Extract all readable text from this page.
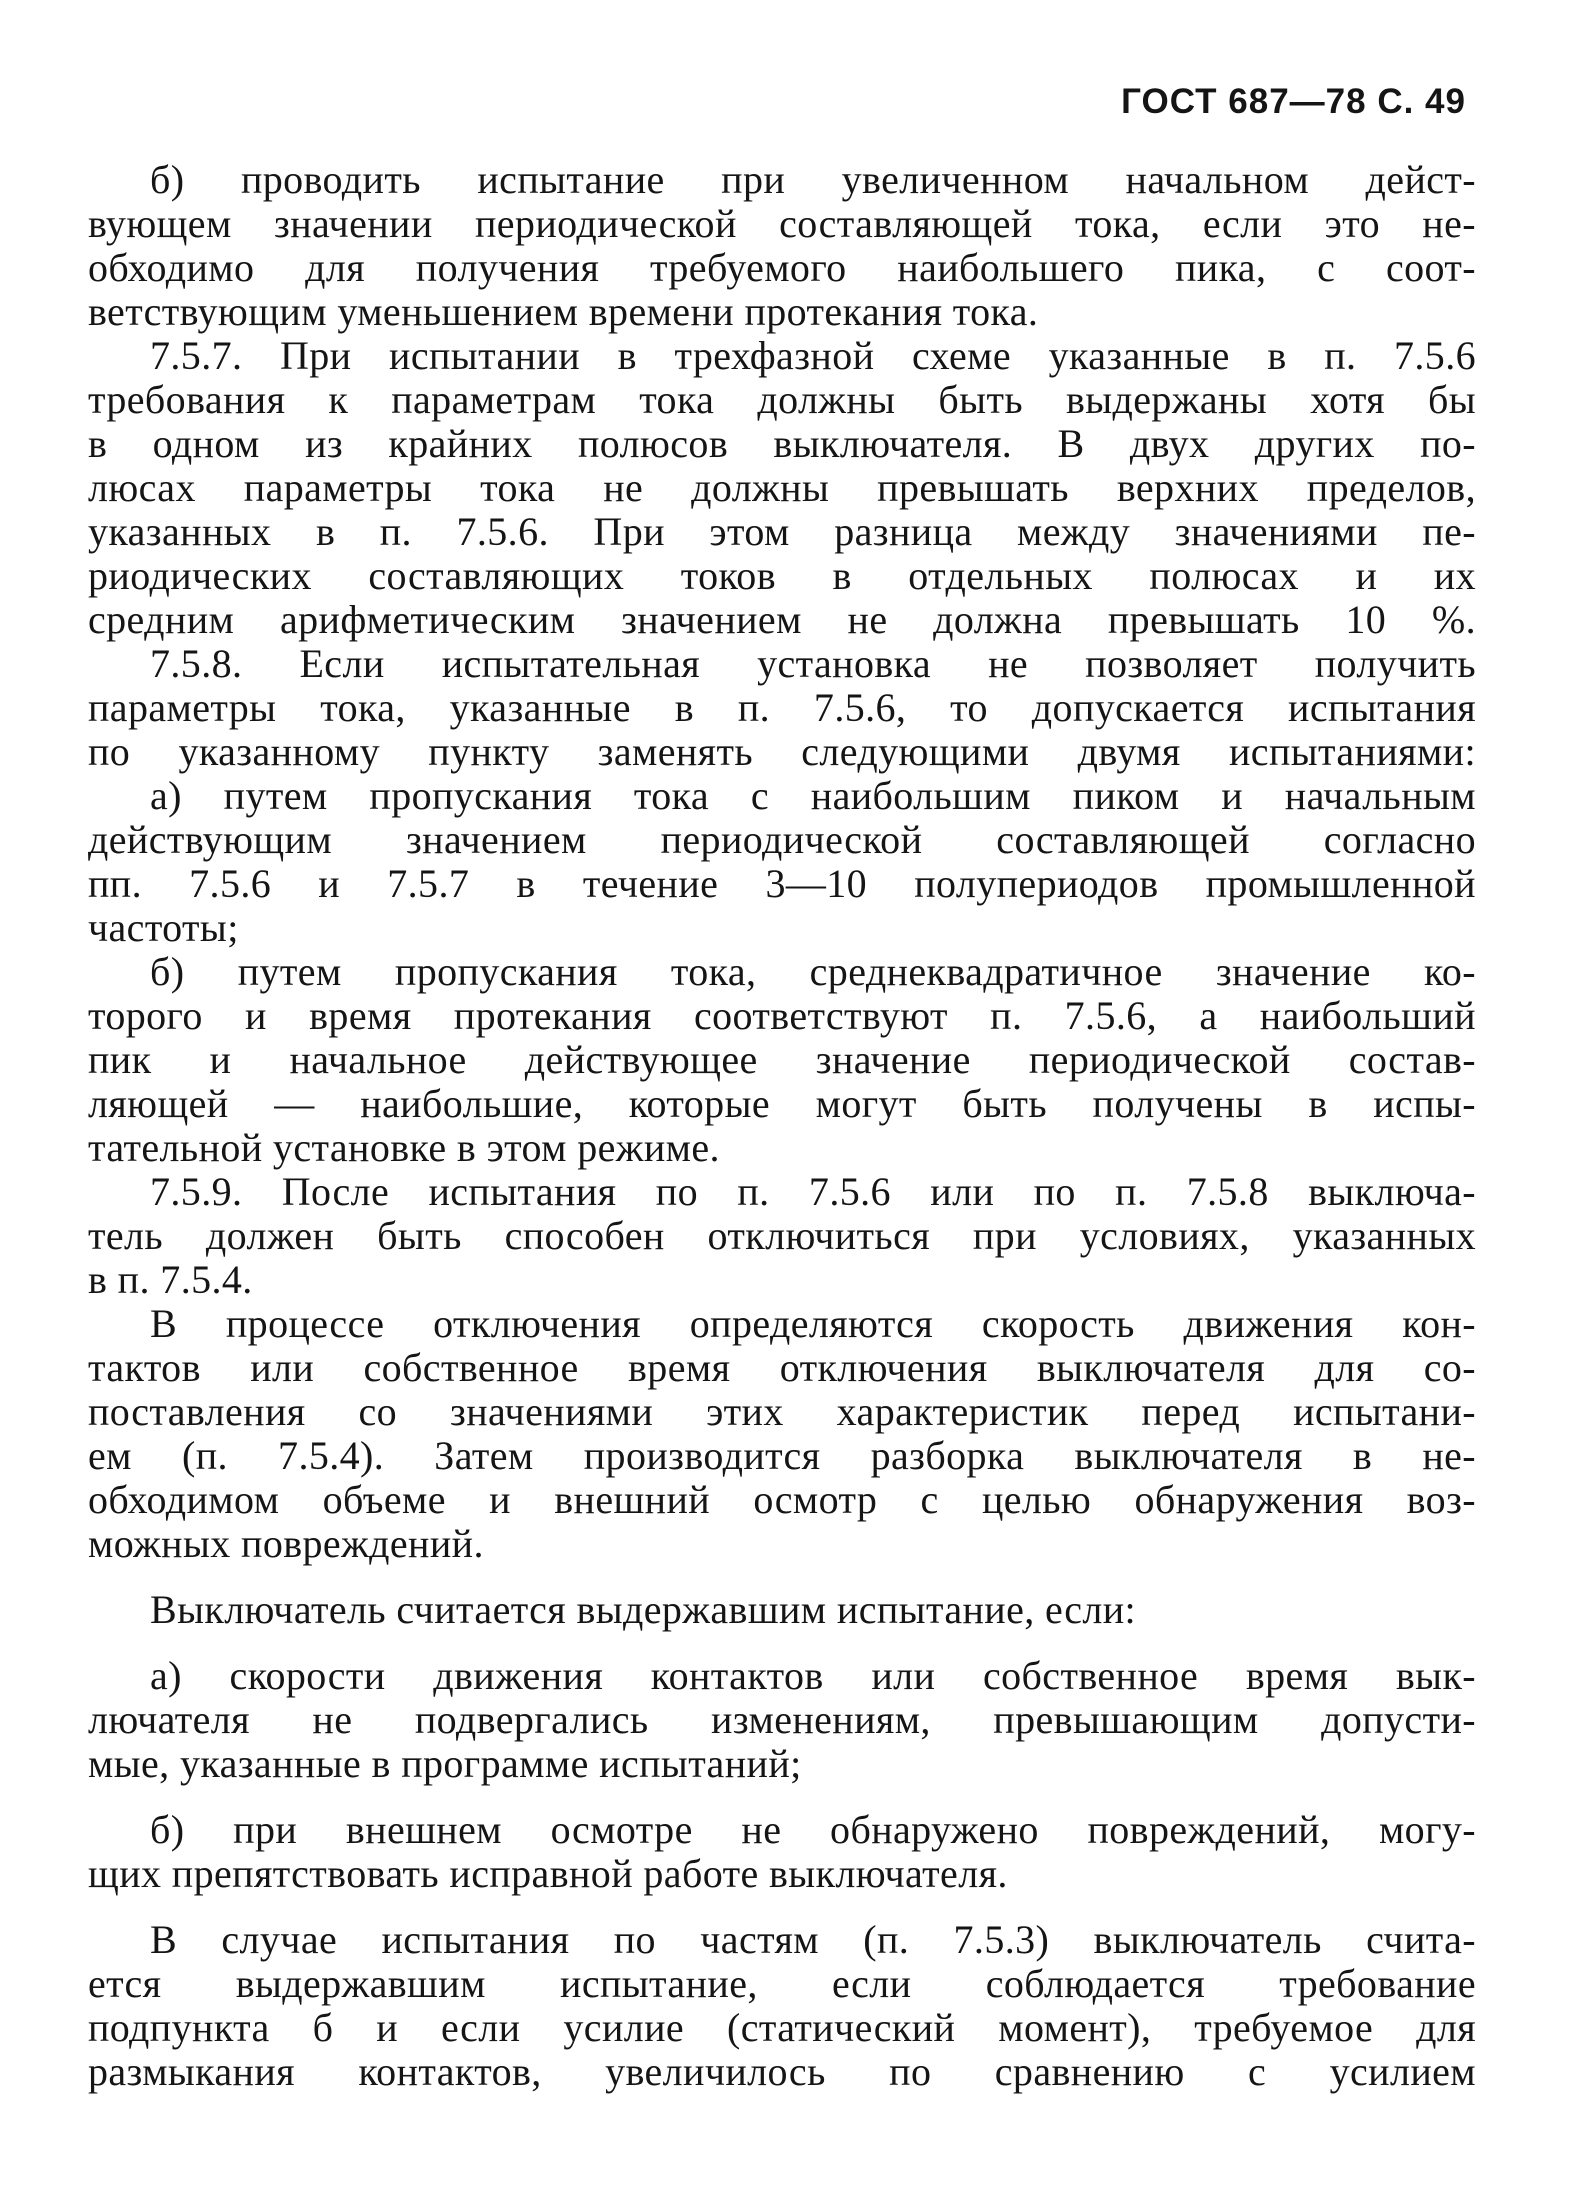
ГОСТ 687—78 С. 49
б) проводить испытание при увеличенном начальном дейст-
вующем значении периодической составляющей тока, если это не-
обходимо для получения требуемого наибольшего пика, с соот-
ветствующим уменьшением времени протекания тока.
7.5.7. При испытании в трехфазной схеме указанные в п. 7.5.6
требования к параметрам тока должны быть выдержаны хотя бы
в одном из крайних полюсов выключателя. В двух других по-
люсах параметры тока не должны превышать верхних пределов,
указанных в п. 7.5.6. При этом разница между значениями пе-
риодических составляющих токов в отдельных полюсах и их
средним арифметическим значением не должна превышать 10 %.
7.5.8. Если испытательная установка не позволяет получить
параметры тока, указанные в п. 7.5.6, то допускается испытания
по указанному пункту заменять следующими двумя испытаниями:
а) путем пропускания тока с наибольшим пиком и начальным
действующим значением периодической составляющей согласно
пп. 7.5.6 и 7.5.7 в течение 3—10 полупериодов промышленной
частоты;
б) путем пропускания тока, среднеквадратичное значение ко-
торого и время протекания соответствуют п. 7.5.6, а наибольший
пик и начальное действующее значение периодической состав-
ляющей — наибольшие, которые могут быть получены в испы-
тательной установке в этом режиме.
7.5.9. После испытания по п. 7.5.6 или по п. 7.5.8 выключа-
тель должен быть способен отключиться при условиях, указанных
в п. 7.5.4.
В процессе отключения определяются скорость движения кон-
тактов или собственное время отключения выключателя для со-
поставления со значениями этих характеристик перед испытани-
ем (п. 7.5.4). Затем производится разборка выключателя в не-
обходимом объеме и внешний осмотр с целью обнаружения воз-
можных повреждений.
Выключатель считается выдержавшим испытание, если:
а) скорости движения контактов или собственное время вык-
лючателя не подвергались изменениям, превышающим допусти-
мые, указанные в программе испытаний;
б) при внешнем осмотре не обнаружено повреждений, могу-
щих препятствовать исправной работе выключателя.
В случае испытания по частям (п. 7.5.3) выключатель счита-
ется выдержавшим испытание, если соблюдается требование
подпункта б и если усилие (статический момент), требуемое для
размыкания контактов, увеличилось по сравнению с усилием
